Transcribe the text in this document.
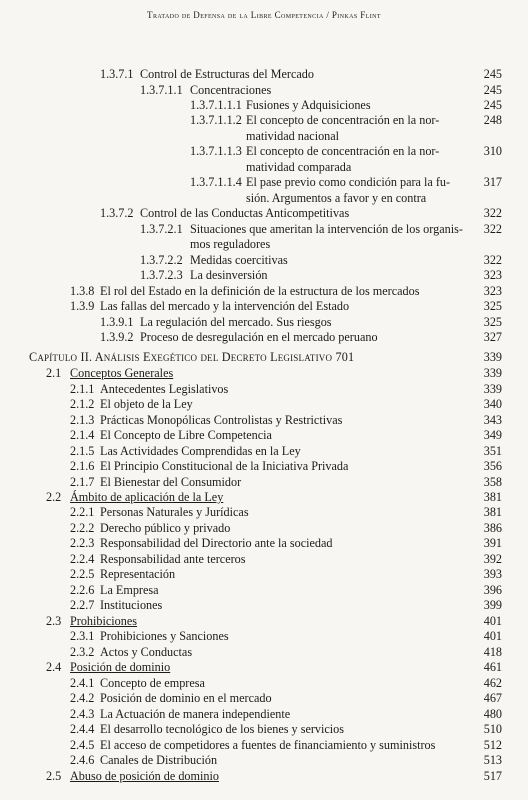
Tratado de Defensa de la Libre Competencia / Pinkas Flint
1.3.7.1 Control de Estructuras del Mercado	245
1.3.7.1.1 Concentraciones	245
1.3.7.1.1.1 Fusiones y Adquisiciones	245
1.3.7.1.1.2 El concepto de concentración en la nor-	248
matividad nacional
1.3.7.1.1.3 El concepto de concentración en la nor-	310
matividad comparada
1.3.7.1.1.4 El pase previo como condición para la fu-	317
sión. Argumentos a favor y en contra
1.3.7.2 Control de las Conductas Anticompetitivas	322
1.3.7.2.1 Situaciones que ameritan la intervención de los organis- 322
mos reguladores
1.3.7.2.2 Medidas coercitivas	322
1.3.7.2.3 La desinversión	323
1.3.8 El rol del Estado en la definición de la estructura de los mercados	323
1.3.9 Las fallas del mercado y la intervención del Estado	325
1.3.9.1 La regulación del mercado. Sus riesgos	325
1.3.9.2 Proceso de desregulación en el mercado peruano	327
Capítulo II. Análisis Exegético del Decreto Legislativo 701	339
2.1 Conceptos Generales	339
2.1.1 Antecedentes Legislativos	339
2.1.2 El objeto de la Ley	340
2.1.3 Prácticas Monopólicas Controlistas y Restrictivas	343
2.1.4 El Concepto de Libre Competencia	349
2.1.5 Las Actividades Comprendidas en la Ley	351
2.1.6 El Principio Constitucional de la Iniciativa Privada	356
2.1.7 El Bienestar del Consumidor	358
2.2 Ámbito de aplicación de la Ley	381
2.2.1 Personas Naturales y Jurídicas	381
2.2.2 Derecho público y privado	386
2.2.3 Responsabilidad del Directorio ante la sociedad	391
2.2.4 Responsabilidad ante terceros	392
2.2.5 Representación	393
2.2.6 La Empresa	396
2.2.7 Instituciones	399
2.3 Prohibiciones	401
2.3.1 Prohibiciones y Sanciones	401
2.3.2 Actos y Conductas	418
2.4 Posición de dominio	461
2.4.1 Concepto de empresa	462
2.4.2 Posición de dominio en el mercado	467
2.4.3 La Actuación de manera independiente	480
2.4.4 El desarrollo tecnológico de los bienes y servicios	510
2.4.5 El acceso de competidores a fuentes de financiamiento y suministros	512
2.4.6 Canales de Distribución	513
2.5 Abuso de posición de dominio	517
